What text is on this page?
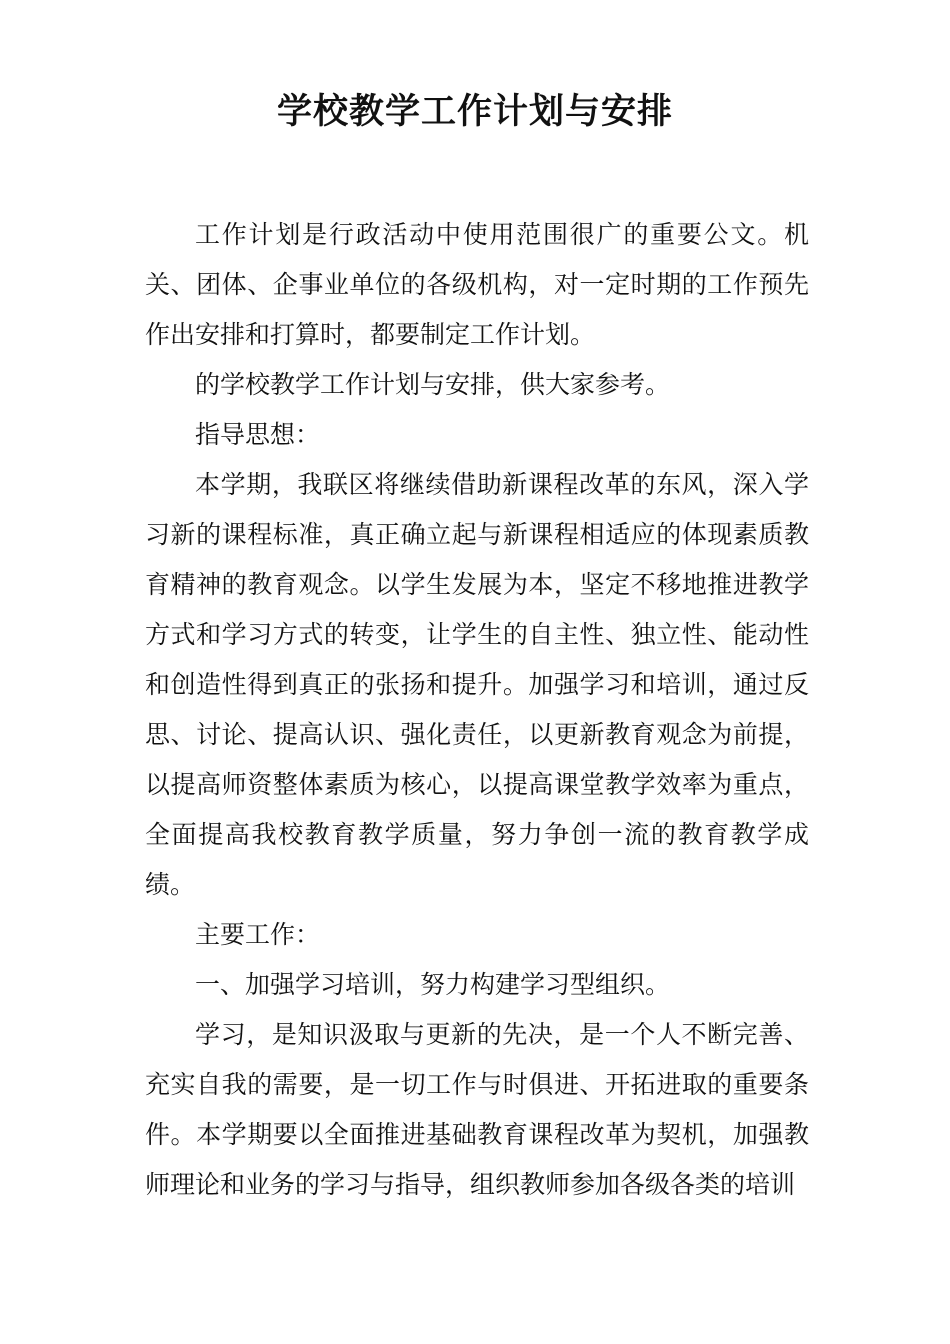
学校教学工作计划与安排

工作计划是行政活动中使用范围很广的重要公文。机关、团体、企事业单位的各级机构，对一定时期的工作预先作出安排和打算时，都要制定工作计划。

的学校教学工作计划与安排，供大家参考。

指导思想：

本学期，我联区将继续借助新课程改革的东风，深入学习新的课程标准，真正确立起与新课程相适应的体现素质教育精神的教育观念。以学生发展为本，坚定不移地推进教学方式和学习方式的转变，让学生的自主性、独立性、能动性和创造性得到真正的张扬和提升。加强学习和培训，通过反思、讨论、提高认识、强化责任，以更新教育观念为前提，以提高师资整体素质为核心，以提高课堂教学效率为重点，全面提高我校教育教学质量，努力争创一流的教育教学成绩。

主要工作：

一、加强学习培训，努力构建学习型组织。

学习，是知识汲取与更新的先决，是一个人不断完善、充实自我的需要，是一切工作与时俱进、开拓进取的重要条件。本学期要以全面推进基础教育课程改革为契机，加强教师理论和业务的学习与指导，组织教师参加各级各类的培训
